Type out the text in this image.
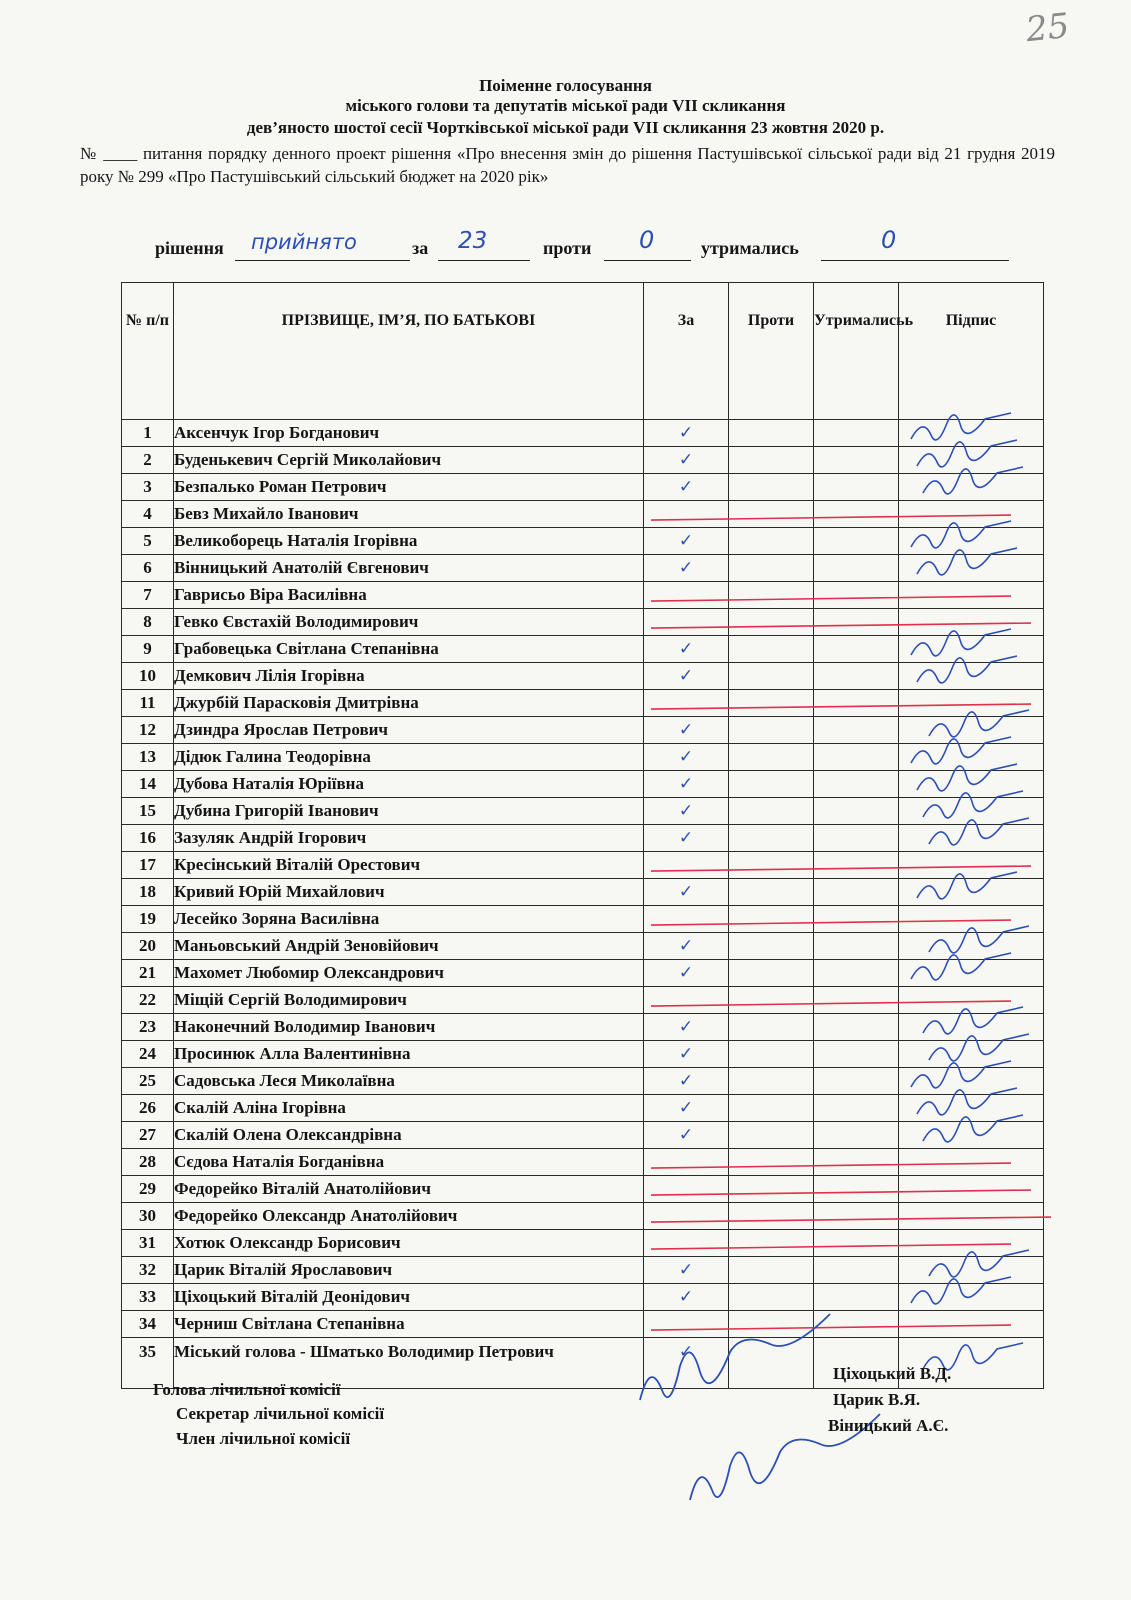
25
Поіменне голосування
міського голови та депутатів міської ради VII скликання
дев’яносто шостої сесії Чортківської міської ради VII скликання 23 жовтня 2020 р.
№ ____ питання порядку денного проект рішення «Про внесення змін до рішення Пастушівської сільської ради від 21 грудня 2019 року № 299 «Про Пастушівський сільський бюджет на 2020 рік»
рішення прийнято	за 23	проти 0	утримались	0
№ п/п	ПРІЗВИЩЕ, ІМ’Я, ПО БАТЬКОВІ	За	Проти	Утрималисьь	Підпис
1	Аксенчук Ігор Богданович	✓			
2	Буденькевич Сергій Миколайович	✓			
3	Безпалько Роман Петрович	✓			
4	Бевз Михайло Іванович				
5	Великоборець Наталія Ігорівна	✓			
6	Вінницький Анатолій Євгенович	✓			
7	Гаврисьо Віра Василівна				
8	Гевко Євстахій Володимирович				
9	Грабовецька Світлана Степанівна	✓			
10	Демкович Лілія Ігорівна	✓			
11	Джурбій Парасковія Дмитрівна				
12	Дзиндра Ярослав Петрович	✓			
13	Дідюк Галина Теодорівна	✓			
14	Дубова Наталія Юріївна	✓			
15	Дубина Григорій Іванович	✓			
16	Зазуляк Андрій Ігорович	✓			
17	Кресінський Віталій Орестович				
18	Кривий Юрій Михайлович	✓			
19	Лесейко Зоряна Василівна				
20	Маньовський Андрій Зеновійович	✓			
21	Махомет Любомир Олександрович	✓			
22	Міщій Сергій Володимирович				
23	Наконечний Володимир Іванович	✓			
24	Просинюк Алла Валентинівна	✓			
25	Садовська Леся Миколаївна	✓			
26	Скалій Аліна Ігорівна	✓			
27	Скалій Олена Олександрівна	✓			
28	Сєдова Наталія Богданівна				
29	Федорейко Віталій Анатолійович				
30	Федорейко Олександр Анатолійович				
31	Хотюк Олександр Борисович				
32	Царик Віталій Ярославович	✓			
33	Ціхоцький Віталій Деонідович	✓			
34	Черниш Світлана Степанівна				
35	Міський голова - Шматько Володимир Петрович	✓			
Голова лічильної комісії
Секретар лічильної комісії
Член лічильної комісії
Ціхоцький В.Д.
Царик В.Я.
Віницький А.Є.
